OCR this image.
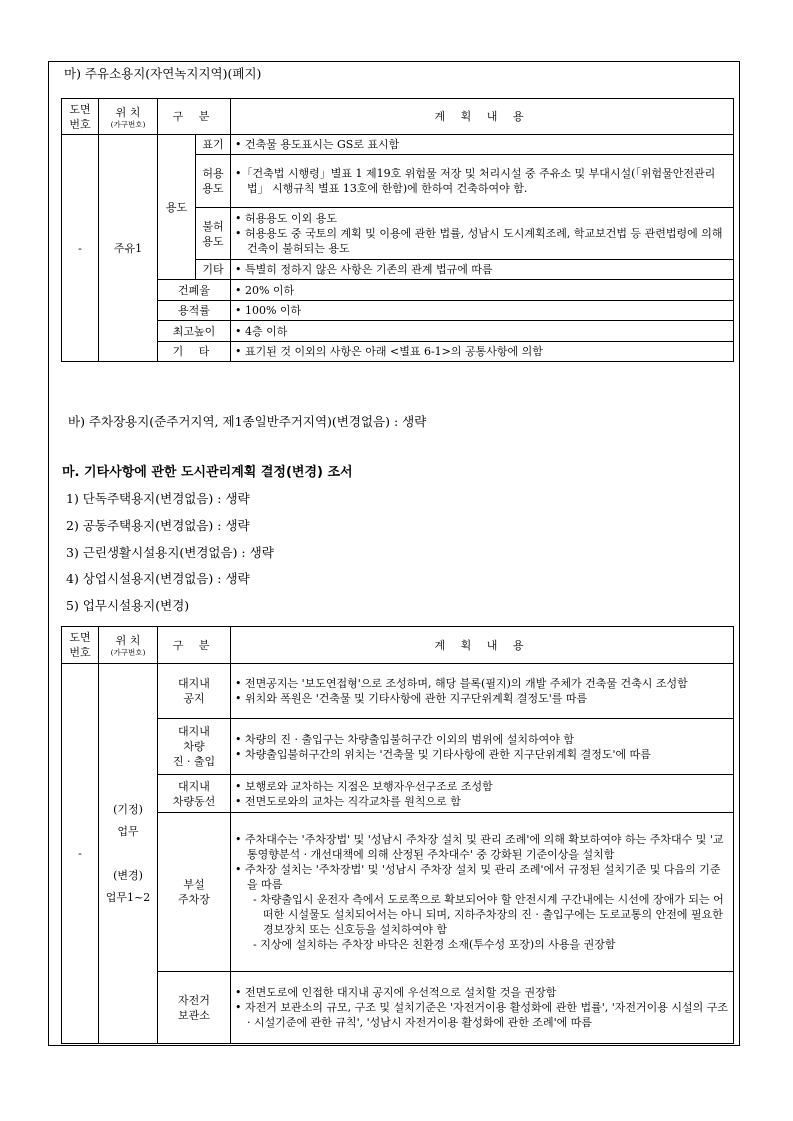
마) 주유소용지(자연녹지지역)(폐지)
도면
번호	위 치
(가구번호)	구 분		계 획 내 용
-	주유1	용도	표기	• 건축물 용도표시는 GS로 표시함
			허용
용도	•「건축법 시행령」별표 1 제19호 위험물 저장 및 처리시설 중 주유소 및 부대시설(「위험물안전관리법」 시행규칙 별표 13호에 한함)에 한하여 건축하여야 함.

			불허
용도	• 허용용도 이외 용도
• 허용용도 중 국토의 계획 및 이용에 관한 법률, 성남시 도시계획조례, 학교보건법 등 관련법령에 의해 건축이 불허되는 용도

			기타	• 특별히 정하지 않은 사항은 기존의 관계 법규에 따름
		건폐율		• 20% 이하
		용적률		• 100% 이하
		최고높이		• 4층 이하
		기 타		• 표기된 것 이외의 사항은 아래 <별표 6-1>의 공통사항에 의함
바) 주차장용지(준주거지역, 제1종일반주거지역)(변경없음) : 생략
마. 기타사항에 관한 도시관리계획 결정(변경) 조서
1) 단독주택용지(변경없음) : 생략
2) 공동주택용지(변경없음) : 생략
3) 근린생활시설용지(변경없음) : 생략
4) 상업시설용지(변경없음) : 생략
5) 업무시설용지(변경)
도면
번호	위 치
(가구번호)	구 분	계 획 내 용
-	(기정)
업무

(변경)
업무1~2	대지내
공지	• 전면공지는 '보도연접형'으로 조성하며, 해당 블록(필지)의 개발 주체가 건축물 건축시 조성함
• 위치와 폭원은 '건축물 및 기타사항에 관한 지구단위계획 결정도'를 따름

		대지내
차량
진 · 출입	• 차량의 진 · 출입구는 차량출입불허구간 이외의 범위에 설치하여야 함
• 차량출입불허구간의 위치는 '건축물 및 기타사항에 관한 지구단위계획 결정도'에 따름

		대지내
차량동선	• 보행로와 교차하는 지점은 보행자우선구조로 조성함
• 전면도로와의 교차는 직각교차를 원칙으로 함

		부설
주차장	• 주차대수는 '주차장법' 및 '성남시 주차장 설치 및 관리 조례'에 의해 확보하여야 하는 주차대수 및 '교통영향분석 · 개선대책에 의해 산정된 주차대수' 중 강화된 기준이상을 설치함
• 주차장 설치는 '주차장법' 및 '성남시 주차장 설치 및 관리 조례'에서 규정된 설치기준 및 다음의 기준을 따름
- 차량출입시 운전자 측에서 도로쪽으로 확보되어야 할 안전시계 구간내에는 시선에 장애가 되는 어떠한 시설물도 설치되어서는 아니 되며, 지하주차장의 진 · 출입구에는 도로교통의 안전에 필요한 경보장치 또는 신호등을 설치하여야 함
- 지상에 설치하는 주차장 바닥은 친환경 소재(투수성 포장)의 사용을 권장함

		자전거
보관소	• 전면도로에 인접한 대지내 공지에 우선적으로 설치할 것을 권장함
• 자전거 보관소의 규모, 구조 및 설치기준은 '자전거이용 활성화에 관한 법률', '자전거이용 시설의 구조 · 시설기준에 관한 규칙', '성남시 자전거이용 활성화에 관한 조례'에 따름
